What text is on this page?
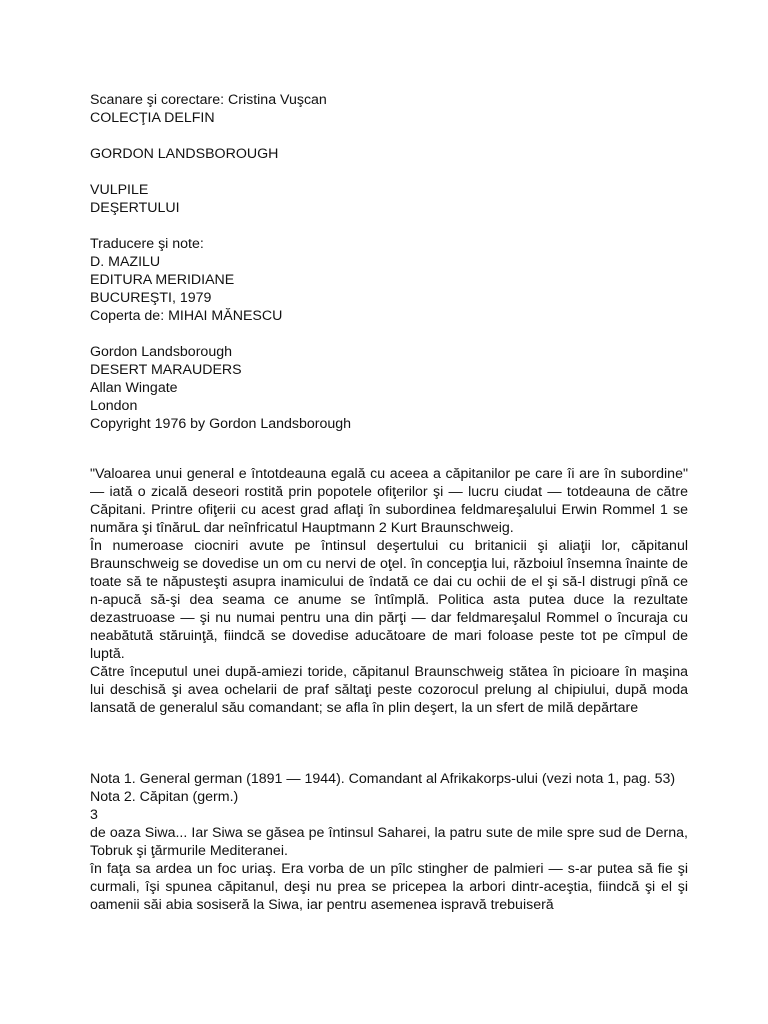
Scanare şi corectare: Cristina Vuşcan
COLECŢIA DELFIN
GORDON LANDSBOROUGH
VULPILE
DEŞERTULUI
Traducere şi note:
D. MAZILU
EDITURA MERIDIANE
BUCUREŞTI, 1979
Coperta de: MIHAI MĂNESCU
Gordon Landsborough
DESERT MARAUDERS
Allan Wingate
London
Copyright 1976 by Gordon Landsborough
"Valoarea unui general e întotdeauna egală cu aceea a căpitanilor pe care îi are în subordine" — iată o zicală deseori rostită prin popotele ofiţerilor şi — lucru ciudat — totdeauna de către Căpitani. Printre ofiţerii cu acest grad aflaţi în subordinea feldmareşalului Erwin Rommel 1 se număra şi tînăruL dar neînfricatul Hauptmann 2 Kurt Braunschweig.
În numeroase ciocniri avute pe întinsul deşertului cu britanicii şi aliaţii lor, căpitanul Braunschweig se dovedise un om cu nervi de oţel. în concepţia lui, războiul însemna înainte de toate să te năpusteşti asupra inamicului de îndată ce dai cu ochii de el şi să-l distrugi pînă ce n-apucă să-şi dea seama ce anume se întîmplă. Politica asta putea duce la rezultate dezastruoase — şi nu numai pentru una din părţi — dar feldmareşalul Rommel o încuraja cu neabătută stăruinţă, fiindcă se dovedise aducătoare de mari foloase peste tot pe cîmpul de luptă.
Către începutul unei după-amiezi toride, căpitanul Braunschweig stătea în picioare în maşina lui deschisă şi avea ochelarii de praf săltaţi peste cozorocul prelung al chipiului, după moda lansată de generalul său comandant; se afla în plin deşert, la un sfert de milă depărtare
Nota 1. General german (1891 — 1944). Comandant al Afrikakorps-ului (vezi nota 1, pag. 53)
Nota 2. Căpitan (germ.)
3
de oaza Siwa... Iar Siwa se găsea pe întinsul Saharei, la patru sute de mile spre sud de Derna, Tobruk şi ţărmurile Mediteranei.
în faţa sa ardea un foc uriaş. Era vorba de un pîlc stingher de palmieri — s-ar putea să fie şi curmali, îşi spunea căpitanul, deşi nu prea se pricepea la arbori dintr-aceştia, fiindcă şi el şi oamenii săi abia sosiseră la Siwa, iar pentru asemenea ispravă trebuiseră
